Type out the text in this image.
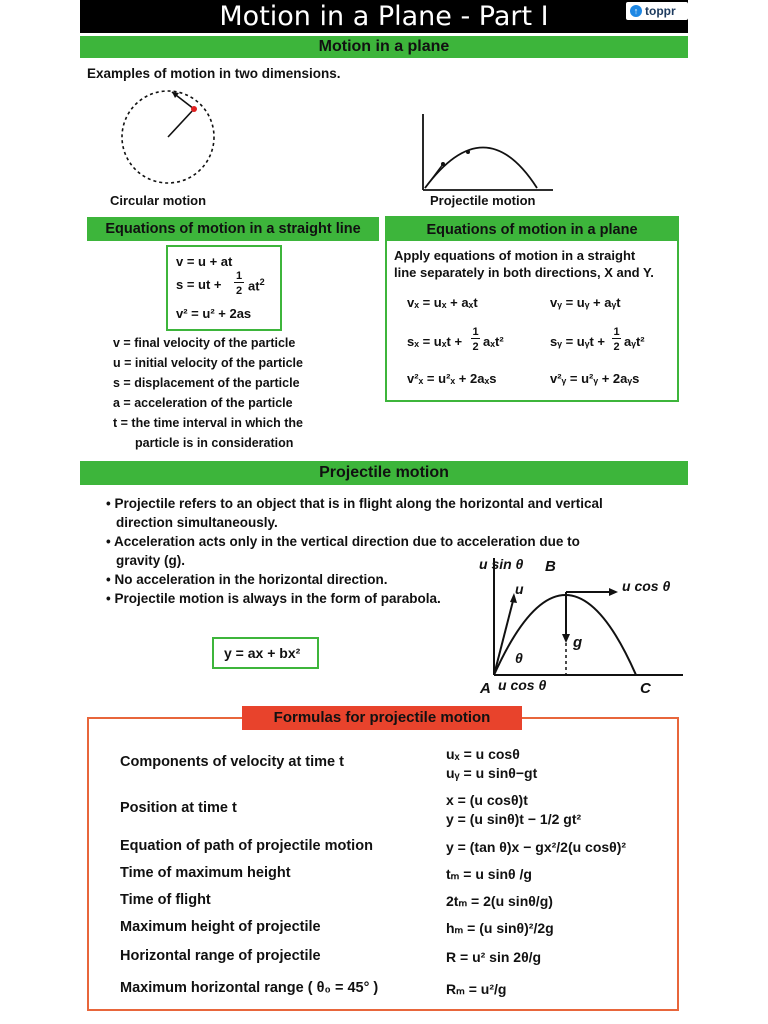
Motion in a Plane - Part I	↑ toppr
Motion in a plane
Examples of motion in two dimensions.
Circular motion	Projectile motion
Equations of motion in a straight line
v = u + at
s = ut +
1
2 $at^2$
v² = u² + 2as
v = final velocity of the particle
u = initial velocity of the particle
s = displacement of the particle
a = acceleration of the particle
t = the time interval in which the
particle is in consideration
Equations of motion in a plane
Apply equations of motion in a straight
line separately in both directions, X and Y.
vₓ = uₓ + aₓt	vᵧ = uᵧ + aᵧt
sₓ = uₓt +
1
2 aₓt²	sᵧ = uᵧt +
1
2 aᵧt²
v²ₓ = u²ₓ + 2aₓs	v²ᵧ = u²ᵧ + 2aᵧs
Projectile motion
• Projectile refers to an object that is in flight along the horizontal and vertical
direction simultaneously.
• Acceleration acts only in the vertical direction due to acceleration due to
gravity (g).
• No acceleration in the horizontal direction.
• Projectile motion is always in the form of parabola.
y = ax + bx²
u sin θ B
u cos θ
u
g
θ
A u cos θ	C
Formulas for projectile motion
Components of velocity at time t	uₓ = u cosθ
uᵧ = u sinθ−gt
Position at time t	x = (u cosθ)t
y = (u sinθ)t − 1/2 gt²
Equation of path of projectile motion	y = (tan θ)x − gx²/2(u cosθ)²
Time of maximum height	tₘ = u sinθ /g
Time of flight	2tₘ = 2(u sinθ/g)
Maximum height of projectile	hₘ = (u sinθ)²/2g
Horizontal range of projectile	R = u² sin 2θ/g
Maximum horizontal range ( θ₀ = 45° )	Rₘ = u²/g
